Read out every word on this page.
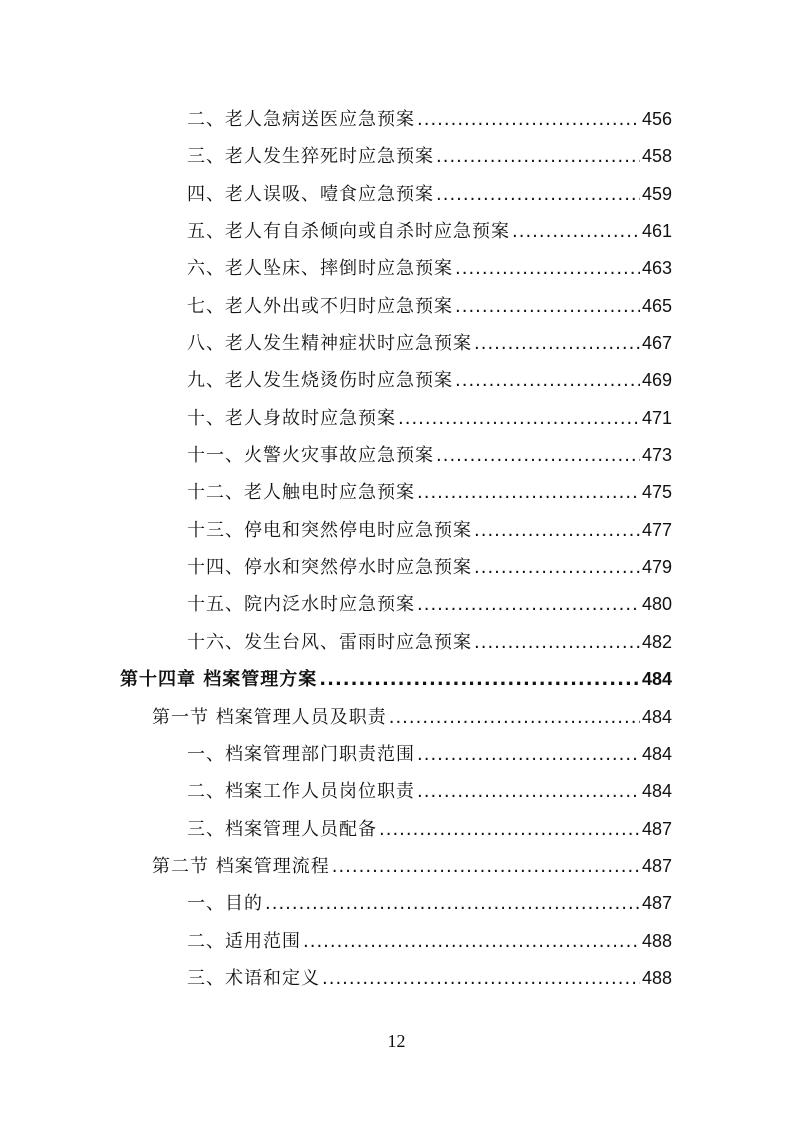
二、老人急病送医应急预案 .....	456
三、老人发生猝死时应急预案 .....	458
四、老人误吸、噎食应急预案 .....	459
五、老人有自杀倾向或自杀时应急预案 .....	461
六、老人坠床、摔倒时应急预案 .....	463
七、老人外出或不归时应急预案 .....	465
八、老人发生精神症状时应急预案 .....	467
九、老人发生烧烫伤时应急预案 .....	469
十、老人身故时应急预案 .....	471
十一、火警火灾事故应急预案 .....	473
十二、老人触电时应急预案 .....	475
十三、停电和突然停电时应急预案 .....	477
十四、停水和突然停水时应急预案 .....	479
十五、院内泛水时应急预案 .....	480
十六、发生台风、雷雨时应急预案 .....	482
第十四章 档案管理方案 .....	484
第一节 档案管理人员及职责 .....	484
一、档案管理部门职责范围 .....	484
二、档案工作人员岗位职责 .....	484
三、档案管理人员配备 .....	487
第二节 档案管理流程 .....	487
一、目的 .....	487
二、适用范围 .....	488
三、术语和定义 .....	488
12
